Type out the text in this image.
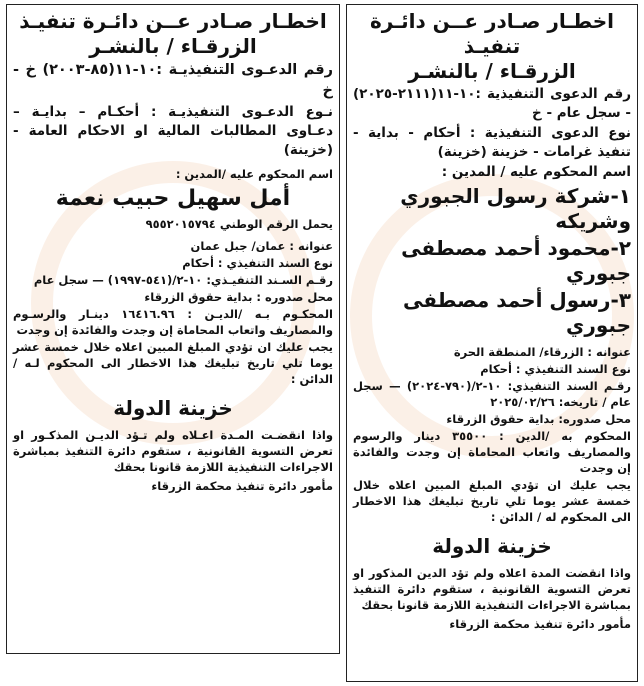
اخطـار صـادر عــن دائـرة تنفيـذ

الزرقـاء / بالنشـر

رقم الدعوى التنفيذية :١٠-١١(٢١١١-٢٠٢٥) - سجل عام - خ

نوع الدعوى التنفيذية : أحكام - بداية - تنفيذ غرامات - خزينة (خزينة)

اسم المحكوم عليه / المدين :

١-شركة رسول الجبوري وشريكه

٢-محمود أحمد مصطفى جبوري

٣-رسول أحمد مصطفى جبوري

عنوانه : الزرقاء/ المنطقة الحرة

نوع السند التنفيذي : أحكام

رقـم السند التنفيذي: ١٠-٢/(٧٩٠-٢٠٢٤) — سجل عام / تاريخه: ٢٠٢٥/٠٢/٢٦

محل صدوره: بداية حقوق الزرقاء

المحكوم به /الدين : ٣٥٥٠٠ دينار والرسوم والمصاريف واتعاب المحاماة إن وجدت والفائدة إن وجدت

يجب عليك ان تؤدي المبلغ المبين اعلاه خلال خمسة عشر يوما تلي تاريخ تبليغك هذا الاخطار الى المحكوم له / الدائن :

خزينة الدولة

واذا انقضت المدة اعلاه ولم تؤد الدين المذكور او تعرض التسوية القانونية ، ستقوم دائرة التنفيذ بمباشرة الاجراءات التنفيذية اللازمة قانونا بحقك

مأمور دائرة تنفيذ محكمة الزرقاء

اخطـار صـادر عــن دائـرة تنفيـذ

الزرقـاء / بالنشـر

رقم الدعـوى التنفيذيـة :١٠-١١(٨٥-٢٠٠٣) خ - خ

نـوع الدعـوى التنفيذيـة : أحكـام – بدايـة – دعـاوى المطالبات المالية او الاحكام العامة -(خزينة)

اسم المحكوم عليه /المدين :

أمل سهيل حبيب نعمة

يحمل الرقم الوطني ٩٥٥٢٠١٥٧٩٤

عنوانه : عمان/ جبل عمان

نوع السند التنفيذي : أحكام

رقـم السـند التنفيـذي: ١٠-٢/(٥٤١-١٩٩٧) — سجل عام

محل صدوره : بداية حقوق الزرقاء

المحكـوم بـه /الديـن : ١٦٤١٦.٩٦ دينـار والرسـوم والمصاريف واتعاب المحاماة إن وجدت والفائدة إن وجدت

يجب عليك ان تؤدي المبلغ المبين اعلاه خلال خمسة عشر يوما تلي تاريخ تبليغك هذا الاخطار الى المحكوم لـه / الدائن :

خزينة الدولة

واذا انقضـت المـدة اعـلاه ولم تـؤد الديـن المذكـور او تعرض التسوية القانونية ، ستقوم دائرة التنفيذ بمباشرة الاجراءات التنفيذية اللازمة قانونا بحقك

مأمور دائرة تنفيذ محكمة الزرقاء
